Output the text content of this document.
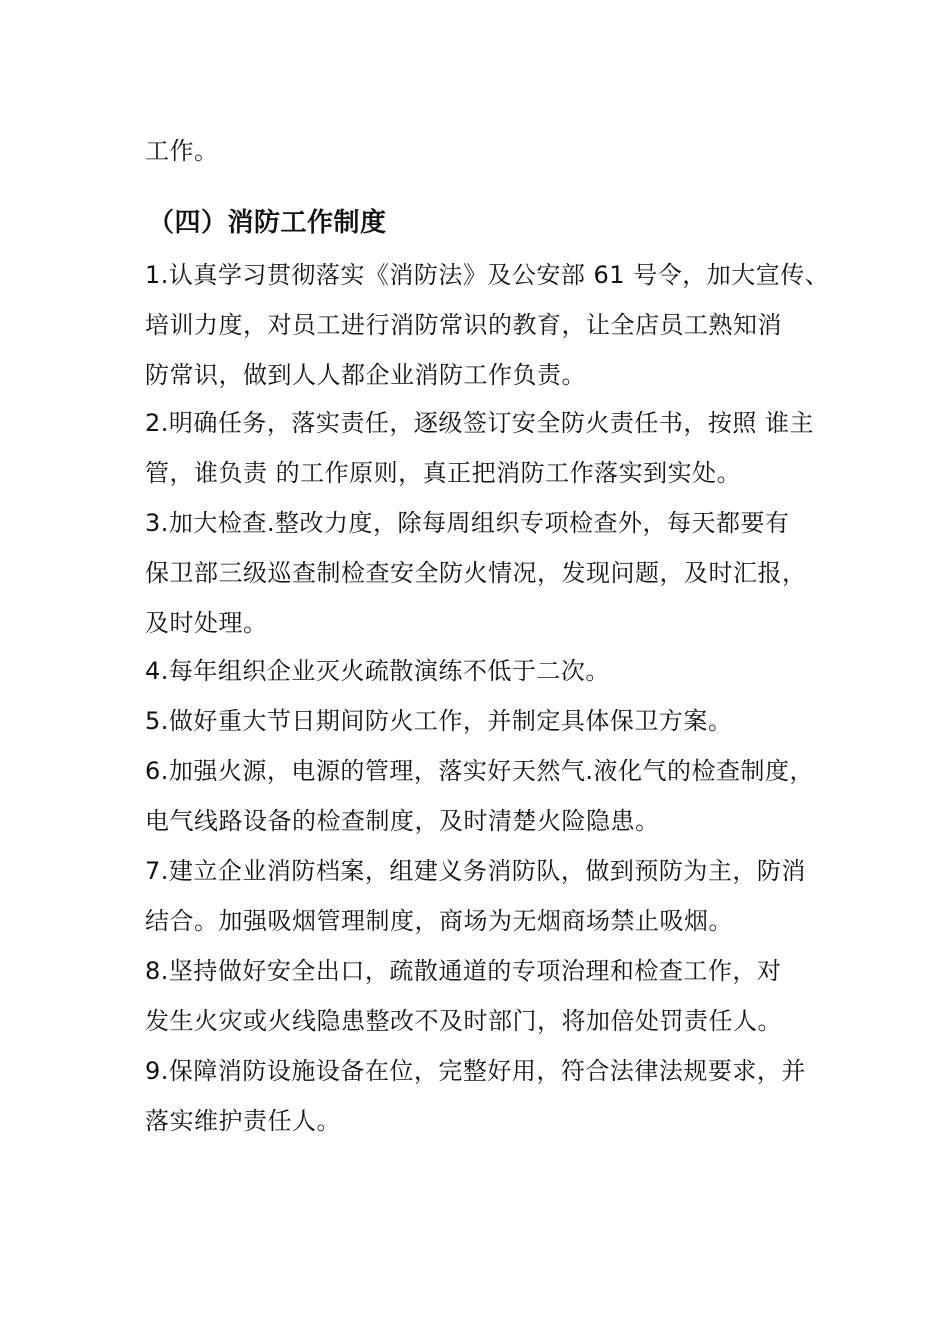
工作。
（四）消防工作制度
1.认真学习贯彻落实《消防法》及公安部 61 号令，加大宣传、
培训力度，对员工进行消防常识的教育，让全店员工熟知消
防常识，做到人人都企业消防工作负责。
2.明确任务，落实责任，逐级签订安全防火责任书，按照 谁主
管，谁负责 的工作原则，真正把消防工作落实到实处。
3.加大检查.整改力度，除每周组织专项检查外，每天都要有
保卫部三级巡查制检查安全防火情况，发现问题，及时汇报，
及时处理。
4.每年组织企业灭火疏散演练不低于二次。
5.做好重大节日期间防火工作，并制定具体保卫方案。
6.加强火源，电源的管理，落实好天然气.液化气的检查制度，
电气线路设备的检查制度，及时清楚火险隐患。
7.建立企业消防档案，组建义务消防队，做到预防为主，防消
结合。加强吸烟管理制度，商场为无烟商场禁止吸烟。
8.坚持做好安全出口，疏散通道的专项治理和检查工作，对
发生火灾或火线隐患整改不及时部门，将加倍处罚责任人。
9.保障消防设施设备在位，完整好用，符合法律法规要求，并
落实维护责任人。
